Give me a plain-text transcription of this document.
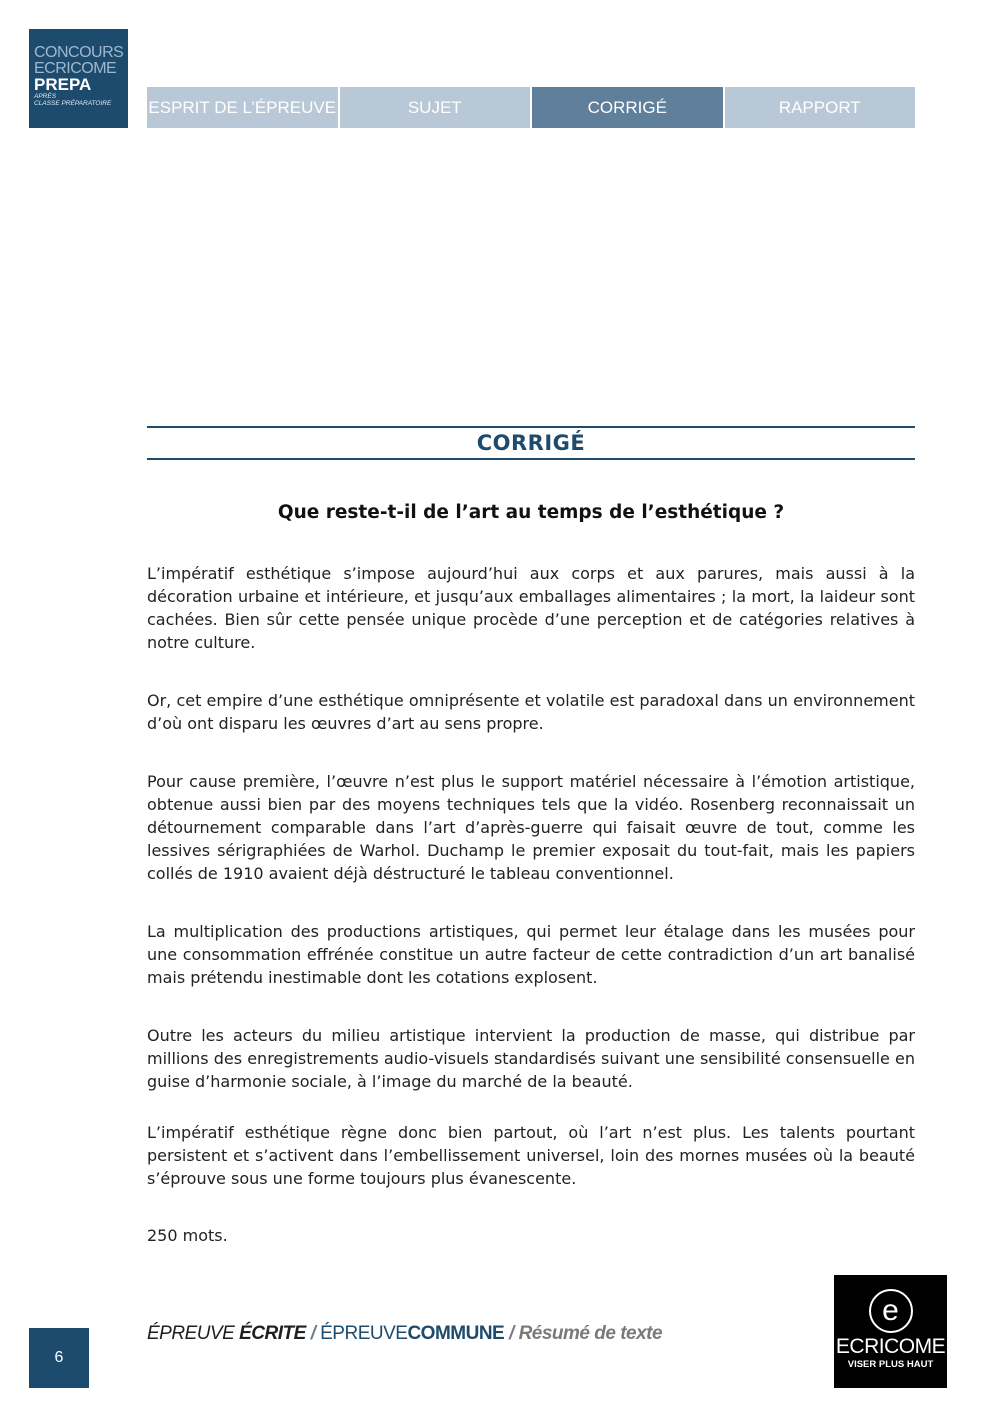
CONCOURS
ECRICOME
PREPA
APRÈS
CLASSE PRÉPARATOIRE	ESPRIT DE L’ÉPREUVE	SUJET	CORRIGÉ	RAPPORT
CORRIGÉ
Que reste-t-il de l’art au temps de l’esthétique ?

L’impératif esthétique s’impose aujourd’hui aux corps et aux parures, mais aussi à la décoration urbaine et intérieure, et jusqu’aux emballages alimentaires ; la mort, la laideur sont cachées. Bien sûr cette pensée unique procède d’une perception et de catégories relatives à notre culture.

Or, cet empire d’une esthétique omniprésente et volatile est paradoxal dans un environnement d’où ont disparu les œuvres d’art au sens propre.

Pour cause première, l’œuvre n’est plus le support matériel nécessaire à l’émotion artistique, obtenue aussi bien par des moyens techniques tels que la vidéo. Rosenberg reconnaissait un détournement comparable dans l’art d’après-guerre qui faisait œuvre de tout, comme les lessives sérigraphiées de Warhol. Duchamp le premier exposait du tout-fait, mais les papiers collés de 1910 avaient déjà déstructuré le tableau conventionnel.

La multiplication des productions artistiques, qui permet leur étalage dans les musées pour une consommation effrénée constitue un autre facteur de cette contradiction d’un art banalisé mais prétendu inestimable dont les cotations explosent.

Outre les acteurs du milieu artistique intervient la production de masse, qui distribue par millions des enregistrements audio-visuels standardisés suivant une sensibilité consensuelle en guise d’harmonie sociale, à l’image du marché de la beauté.

L’impératif esthétique règne donc bien partout, où l’art n’est plus. Les talents pourtant persistent et s’activent dans l’embellissement universel, loin des mornes musées où la beauté s’éprouve sous une forme toujours plus évanescente.

250 mots.

6
ÉPREUVE ÉCRITE / ÉPREUVECOMMUNE / Résumé de texte
e
ECRICOME
VISER PLUS HAUT
